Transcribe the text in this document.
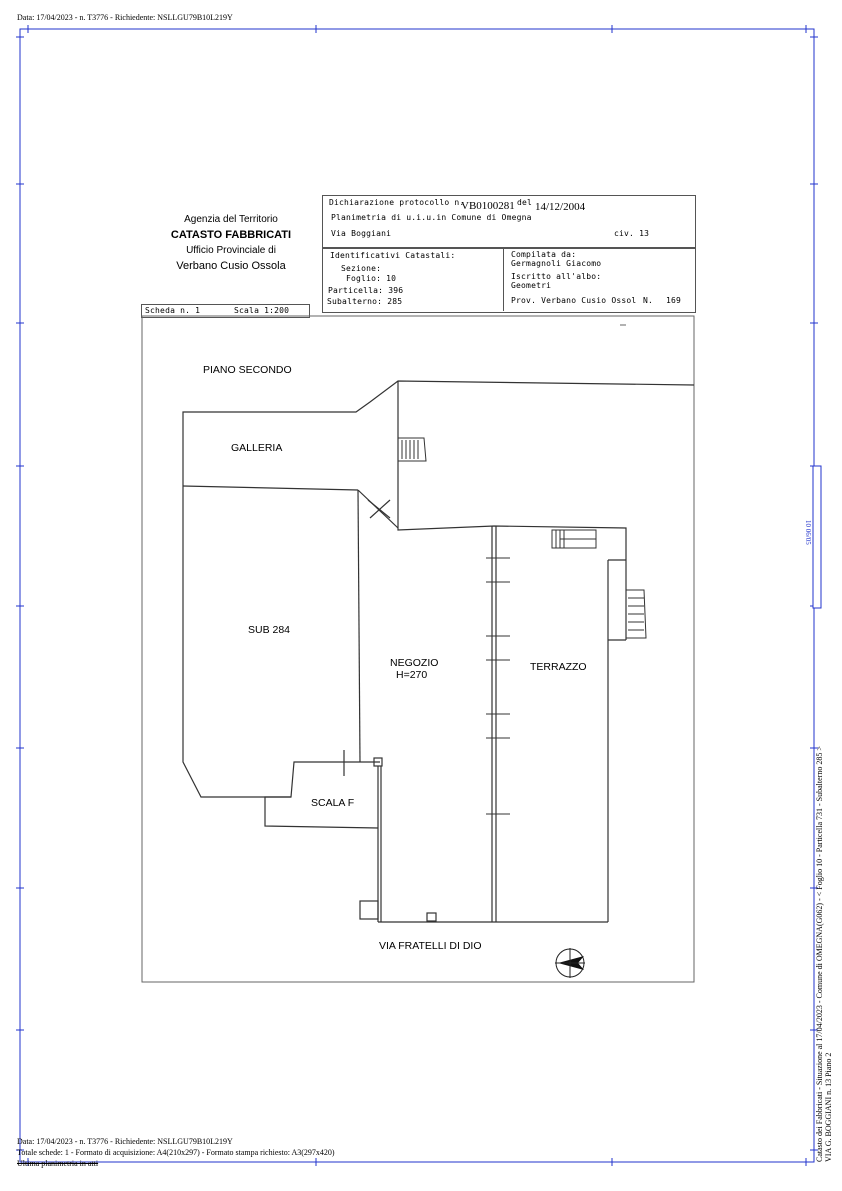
Data: 17/04/2023 - n. T3776 - Richiedente: NSLLGU79B10L219Y
Agenzia del Territorio
CATASTO FABBRICATI
Ufficio Provinciale di
Verbano Cusio Ossola
Dichiarazione protocollo n.
VB0100281 del 14/12/2004
Planimetria di u.i.u.in Comune di Omegna
Via Boggiani	civ. 13
Identificativi Catastali:
Sezione:
Foglio: 10
Particella: 396
Subalterno: 285
Compilata da:
Germagnoli Giacomo
Iscritto all'albo:
Geometri
Prov. Verbano Cusio Ossol N. 169
Scheda n. 1	Scala 1:200
PIANO SECONDO
GALLERIA
SUB 284
NEGOZIO
H=270
TERRAZZO
SCALA F
VIA FRATELLI DI DIO
10 06/05
Catasto dei Fabbricati - Situazione al 17/04/2023 - Comune di OMEGNA(G062) - < Foglio 10 - Particella 731 - Subalterno 285 > VIA G. BOGGIANI n. 13 Piano 2
Data: 17/04/2023 - n. T3776 - Richiedente: NSLLGU79B10L219Y
Totale schede: 1 - Formato di acquisizione: A4(210x297) - Formato stampa richiesto: A3(297x420)
Ultima planimetria in atti
